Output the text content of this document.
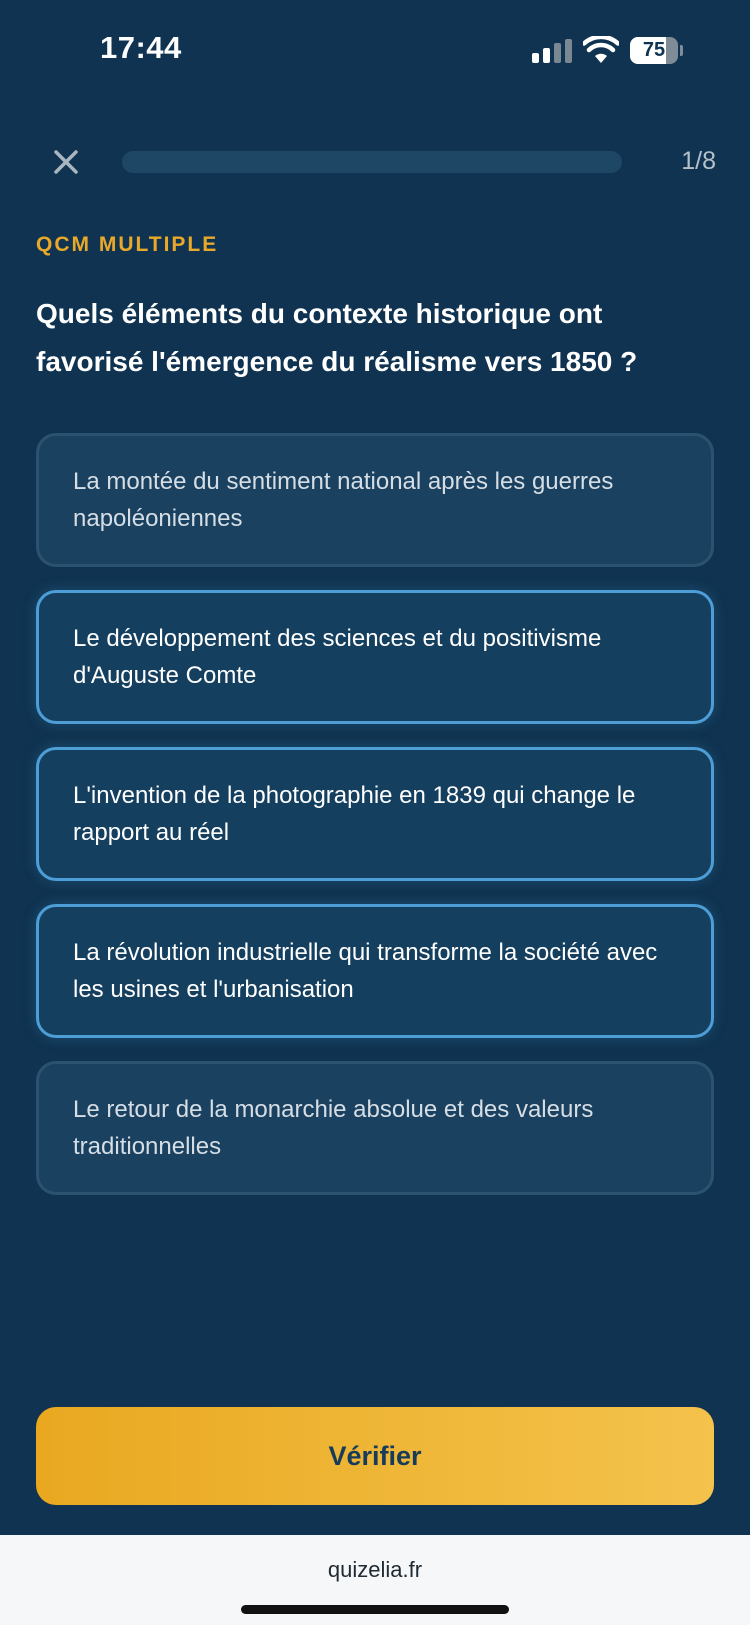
17:44	75
1/8
QCM MULTIPLE
Quels éléments du contexte historique ont favorisé l'émergence du réalisme vers 1850 ?
La montée du sentiment national après les guerres napoléoniennes
Le développement des sciences et du positivisme d'Auguste Comte
L'invention de la photographie en 1839 qui change le rapport au réel
La révolution industrielle qui transforme la société avec les usines et l'urbanisation
Le retour de la monarchie absolue et des valeurs traditionnelles
Vérifier
quizelia.fr
